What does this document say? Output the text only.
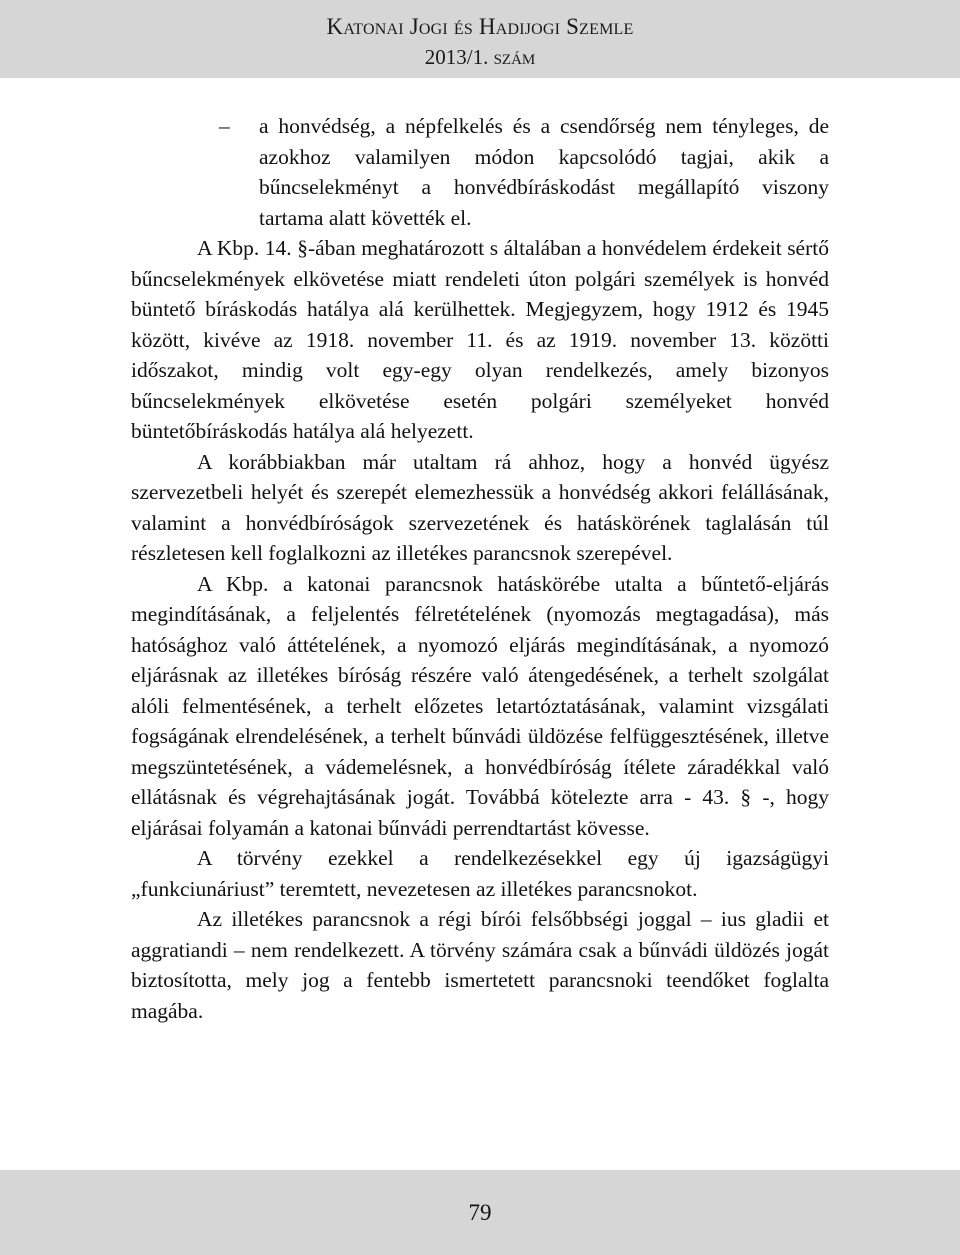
Katonai Jogi és Hadijogi Szemle
2013/1. szám
–	a honvédség, a népfelkelés és a csendőrség nem tényleges, de azokhoz valamilyen módon kapcsolódó tagjai, akik a bűncselekményt a honvédbíráskodást megállapító viszony tartama alatt követték el.

A Kbp. 14. §-ában meghatározott s általában a honvédelem érdekeit sértő bűncselekmények elkövetése miatt rendeleti úton polgári személyek is honvéd büntető bíráskodás hatálya alá kerülhettek. Megjegyzem, hogy 1912 és 1945 között, kivéve az 1918. november 11. és az 1919. november 13. közötti időszakot, mindig volt egy-egy olyan rendelkezés, amely bizonyos bűncselekmények elkövetése esetén polgári személyeket honvéd büntetőbíráskodás hatálya alá helyezett.

A korábbiakban már utaltam rá ahhoz, hogy a honvéd ügyész szervezetbeli helyét és szerepét elemezhessük a honvédség akkori felállásának, valamint a honvédbíróságok szervezetének és hatáskörének taglalásán túl részletesen kell foglalkozni az illetékes parancsnok szerepével.

A Kbp. a katonai parancsnok hatáskörébe utalta a bűntető-eljárás megindításának, a feljelentés félretételének (nyomozás megtagadása), más hatósághoz való áttételének, a nyomozó eljárás megindításának, a nyomozó eljárásnak az illetékes bíróság részére való átengedésének, a terhelt szolgálat alóli felmentésének, a terhelt előzetes letartóztatásának, valamint vizsgálati fogságának elrendelésének, a terhelt bűnvádi üldözése felfüggesztésének, illetve megszüntetésének, a vádemelésnek, a honvédbíróság ítélete záradékkal való ellátásnak és végrehajtásának jogát. Továbbá kötelezte arra - 43. § -, hogy eljárásai folyamán a katonai bűnvádi perrendtartást kövesse.

A törvény ezekkel a rendelkezésekkel egy új igazságügyi „funkciunáriust” teremtett, nevezetesen az illetékes parancsnokot.

Az illetékes parancsnok a régi bírói felsőbbségi joggal – ius gladii et aggratiandi – nem rendelkezett. A törvény számára csak a bűnvádi üldözés jogát biztosította, mely jog a fentebb ismertetett parancsnoki teendőket foglalta magába.

79
